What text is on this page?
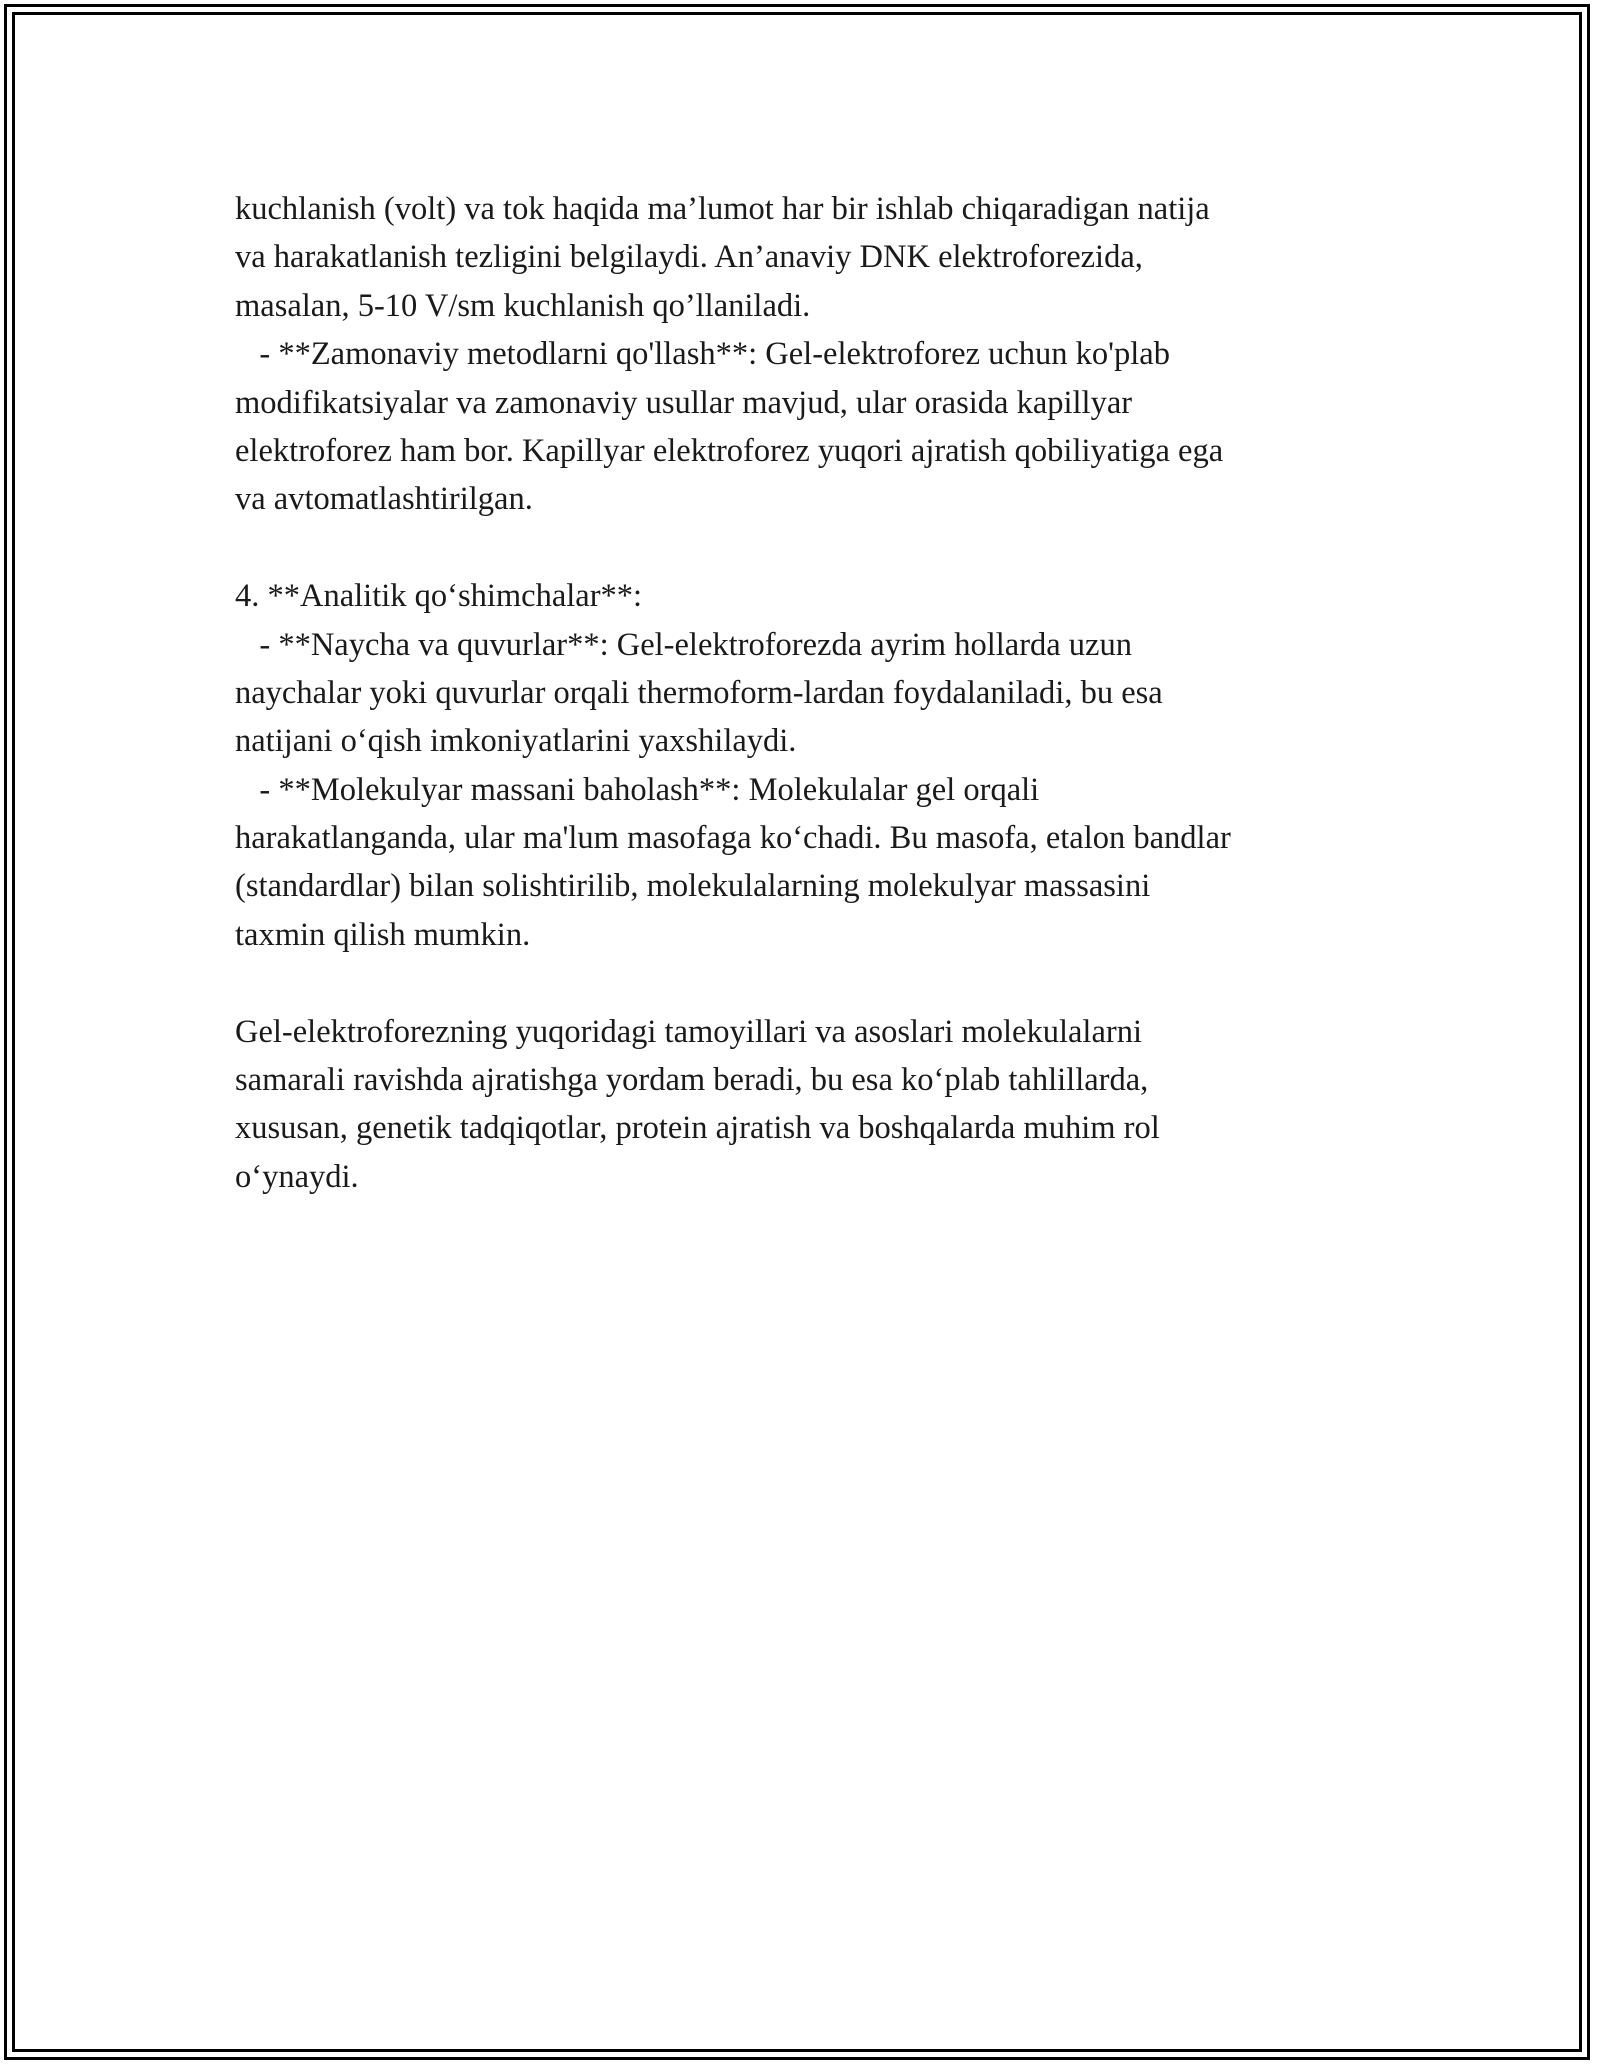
kuchlanish (volt) va tok haqida ma’lumot har bir ishlab chiqaradigan natija
va harakatlanish tezligini belgilaydi. An’anaviy DNK elektroforezida,
masalan, 5-10 V/sm kuchlanish qo’llaniladi.
- **Zamonaviy metodlarni qo'llash**: Gel-elektroforez uchun ko'plab
modifikatsiyalar va zamonaviy usullar mavjud, ular orasida kapillyar
elektroforez ham bor. Kapillyar elektroforez yuqori ajratish qobiliyatiga ega
va avtomatlashtirilgan.
4. **Analitik qo‘shimchalar**:
- **Naycha va quvurlar**: Gel-elektroforezda ayrim hollarda uzun
naychalar yoki quvurlar orqali thermoform-lardan foydalaniladi, bu esa
natijani o‘qish imkoniyatlarini yaxshilaydi.
- **Molekulyar massani baholash**: Molekulalar gel orqali
harakatlanganda, ular ma'lum masofaga ko‘chadi. Bu masofa, etalon bandlar
(standardlar) bilan solishtirilib, molekulalarning molekulyar massasini
taxmin qilish mumkin.
Gel-elektroforezning yuqoridagi tamoyillari va asoslari molekulalarni
samarali ravishda ajratishga yordam beradi, bu esa ko‘plab tahlillarda,
xususan, genetik tadqiqotlar, protein ajratish va boshqalarda muhim rol
o‘ynaydi.
